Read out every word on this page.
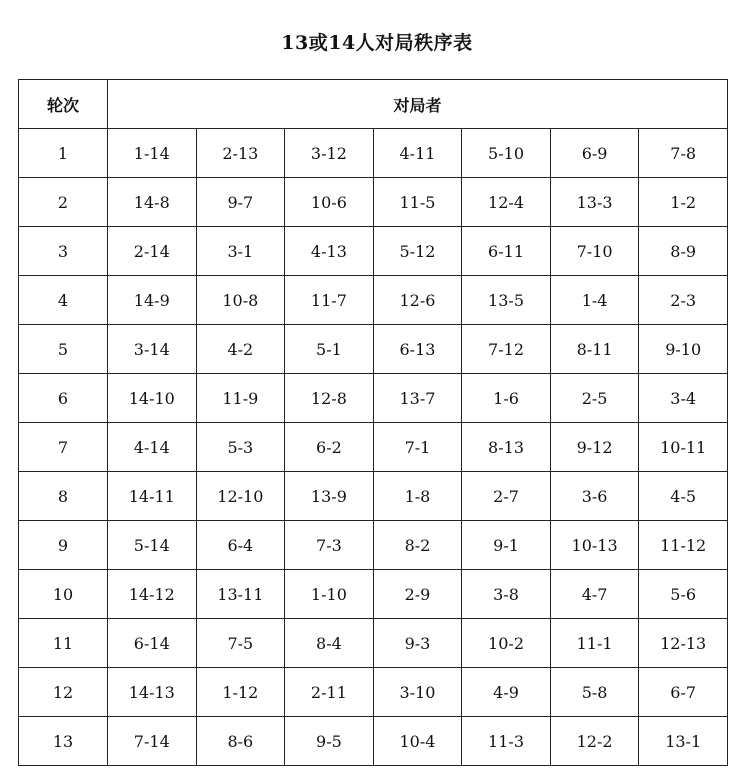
13或14人对局秩序表
轮次	对局者						
1	1-14	2-13	3-12	4-11	5-10	6-9	7-8
2	14-8	9-7	10-6	11-5	12-4	13-3	1-2
3	2-14	3-1	4-13	5-12	6-11	7-10	8-9
4	14-9	10-8	11-7	12-6	13-5	1-4	2-3
5	3-14	4-2	5-1	6-13	7-12	8-11	9-10
6	14-10	11-9	12-8	13-7	1-6	2-5	3-4
7	4-14	5-3	6-2	7-1	8-13	9-12	10-11
8	14-11	12-10	13-9	1-8	2-7	3-6	4-5
9	5-14	6-4	7-3	8-2	9-1	10-13	11-12
10	14-12	13-11	1-10	2-9	3-8	4-7	5-6
11	6-14	7-5	8-4	9-3	10-2	11-1	12-13
12	14-13	1-12	2-11	3-10	4-9	5-8	6-7
13	7-14	8-6	9-5	10-4	11-3	12-2	13-1
